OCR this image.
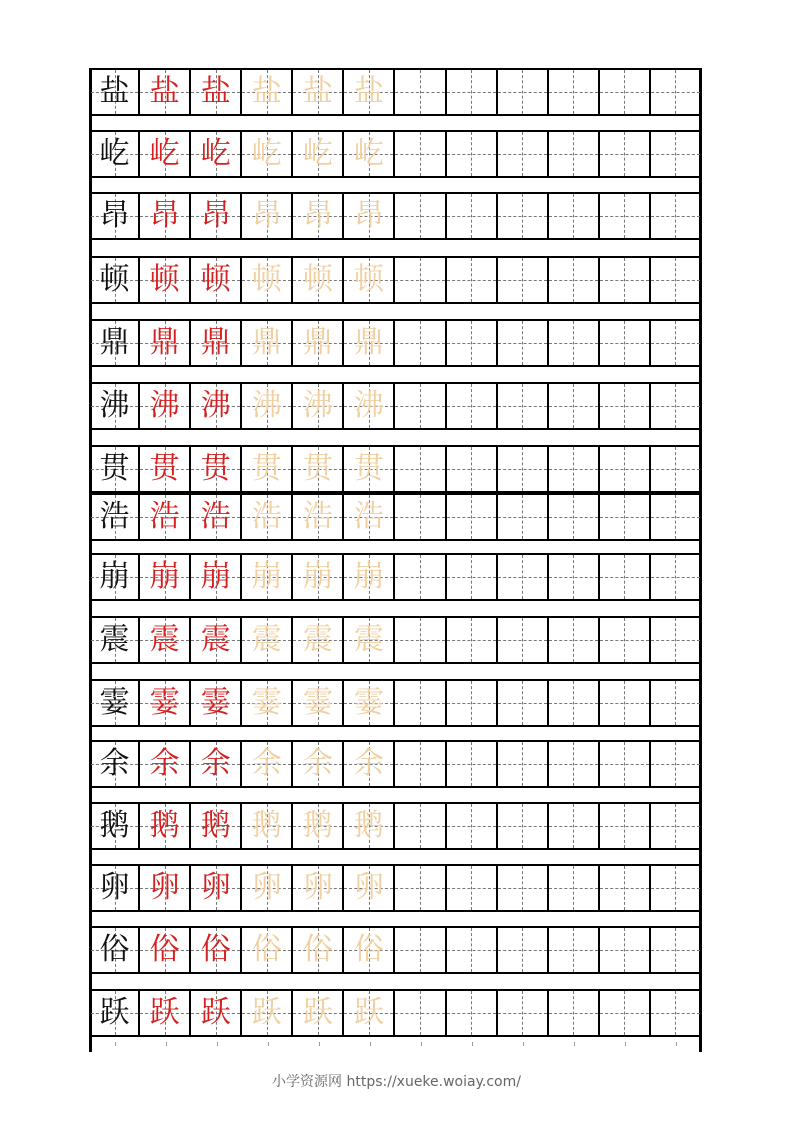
盐 盐 盐 盐 盐 盐
屹 屹 屹 屹 屹 屹
昂 昂 昂 昂 昂 昂
顿 顿 顿 顿 顿 顿
鼎 鼎 鼎 鼎 鼎 鼎
沸 沸 沸 沸 沸 沸
贯 贯 贯 贯 贯 贯
浩 浩 浩 浩 浩 浩
崩 崩 崩 崩 崩 崩
震 震 震 震 震 震
霎 霎 霎 霎 霎 霎
余 余 余 余 余 余
鹅 鹅 鹅 鹅 鹅 鹅
卵 卵 卵 卵 卵 卵
俗 俗 俗 俗 俗 俗
跃 跃 跃 跃 跃 跃
小学资源网 https://xueke.woiay.com/
